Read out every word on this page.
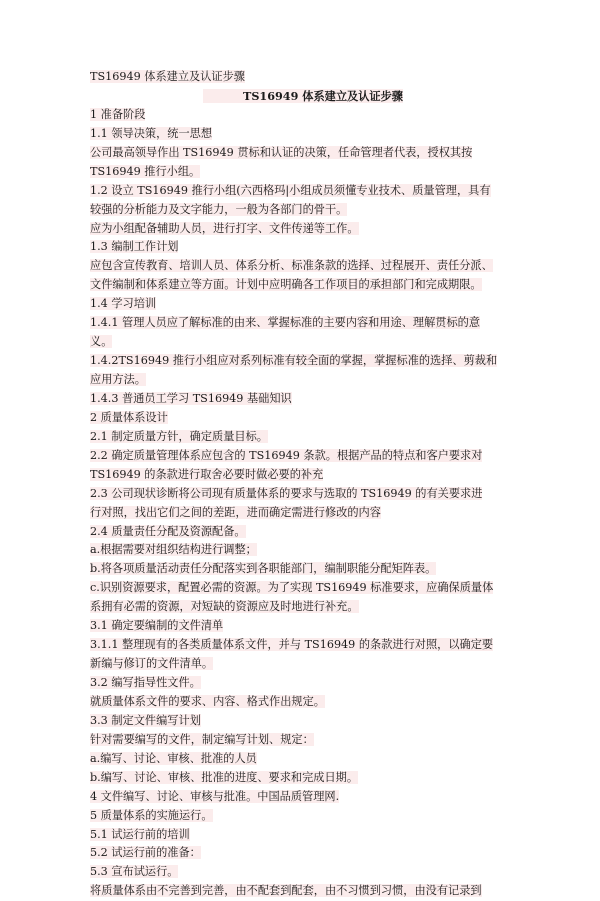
TS16949 体系建立及认证步骤
TS16949 体系建立及认证步骤
1 准备阶段
1.1 领导决策，统一思想
公司最高领导作出 TS16949 贯标和认证的决策，任命管理者代表，授权其按
TS16949 推行小组。
1.2 设立 TS16949 推行小组(六西格玛|小组成员须懂专业技术、质量管理，具有
较强的分析能力及文字能力，一般为各部门的骨干。
应为小组配备辅助人员，进行打字、文件传递等工作。
1.3 编制工作计划
应包含宣传教育、培训人员、体系分析、标准条款的选择、过程展开、责任分派、
文件编制和体系建立等方面。计划中应明确各工作项目的承担部门和完成期限。
1.4 学习培训
1.4.1 管理人员应了解标准的由来、掌握标准的主要内容和用途、理解贯标的意
义。
1.4.2TS16949 推行小组应对系列标准有较全面的掌握，掌握标准的选择、剪裁和
应用方法。
1.4.3 普通员工学习 TS16949 基础知识
2 质量体系设计
2.1 制定质量方针，确定质量目标。
2.2 确定质量管理体系应包含的 TS16949 条款。根据产品的特点和客户要求对
TS16949 的条款进行取舍必要时做必要的补充
2.3 公司现状诊断将公司现有质量体系的要求与选取的 TS16949 的有关要求进
行对照，找出它们之间的差距，进而确定需进行修改的内容
2.4 质量责任分配及资源配备。
a.根据需要对组织结构进行调整；
b.将各项质量活动责任分配落实到各职能部门，编制职能分配矩阵表。
c.识别资源要求，配置必需的资源。为了实现 TS16949 标准要求，应确保质量体
系拥有必需的资源，对短缺的资源应及时地进行补充。
3.1 确定要编制的文件清单
3.1.1 整理现有的各类质量体系文件，并与 TS16949 的条款进行对照，以确定要
新编与修订的文件清单。
3.2 编写指导性文件。
就质量体系文件的要求、内容、格式作出规定。
3.3 制定文件编写计划
针对需要编写的文件，制定编写计划、规定：
a.编写、讨论、审核、批准的人员
b.编写、讨论、审核、批准的进度、要求和完成日期。
4 文件编写、讨论、审核与批准。中国品质管理网.
5 质量体系的实施运行。
5.1 试运行前的培训
5.2 试运行前的准备：
5.3 宣布试运行。
将质量体系由不完善到完善，由不配套到配套，由不习惯到习惯，由没有记录到
